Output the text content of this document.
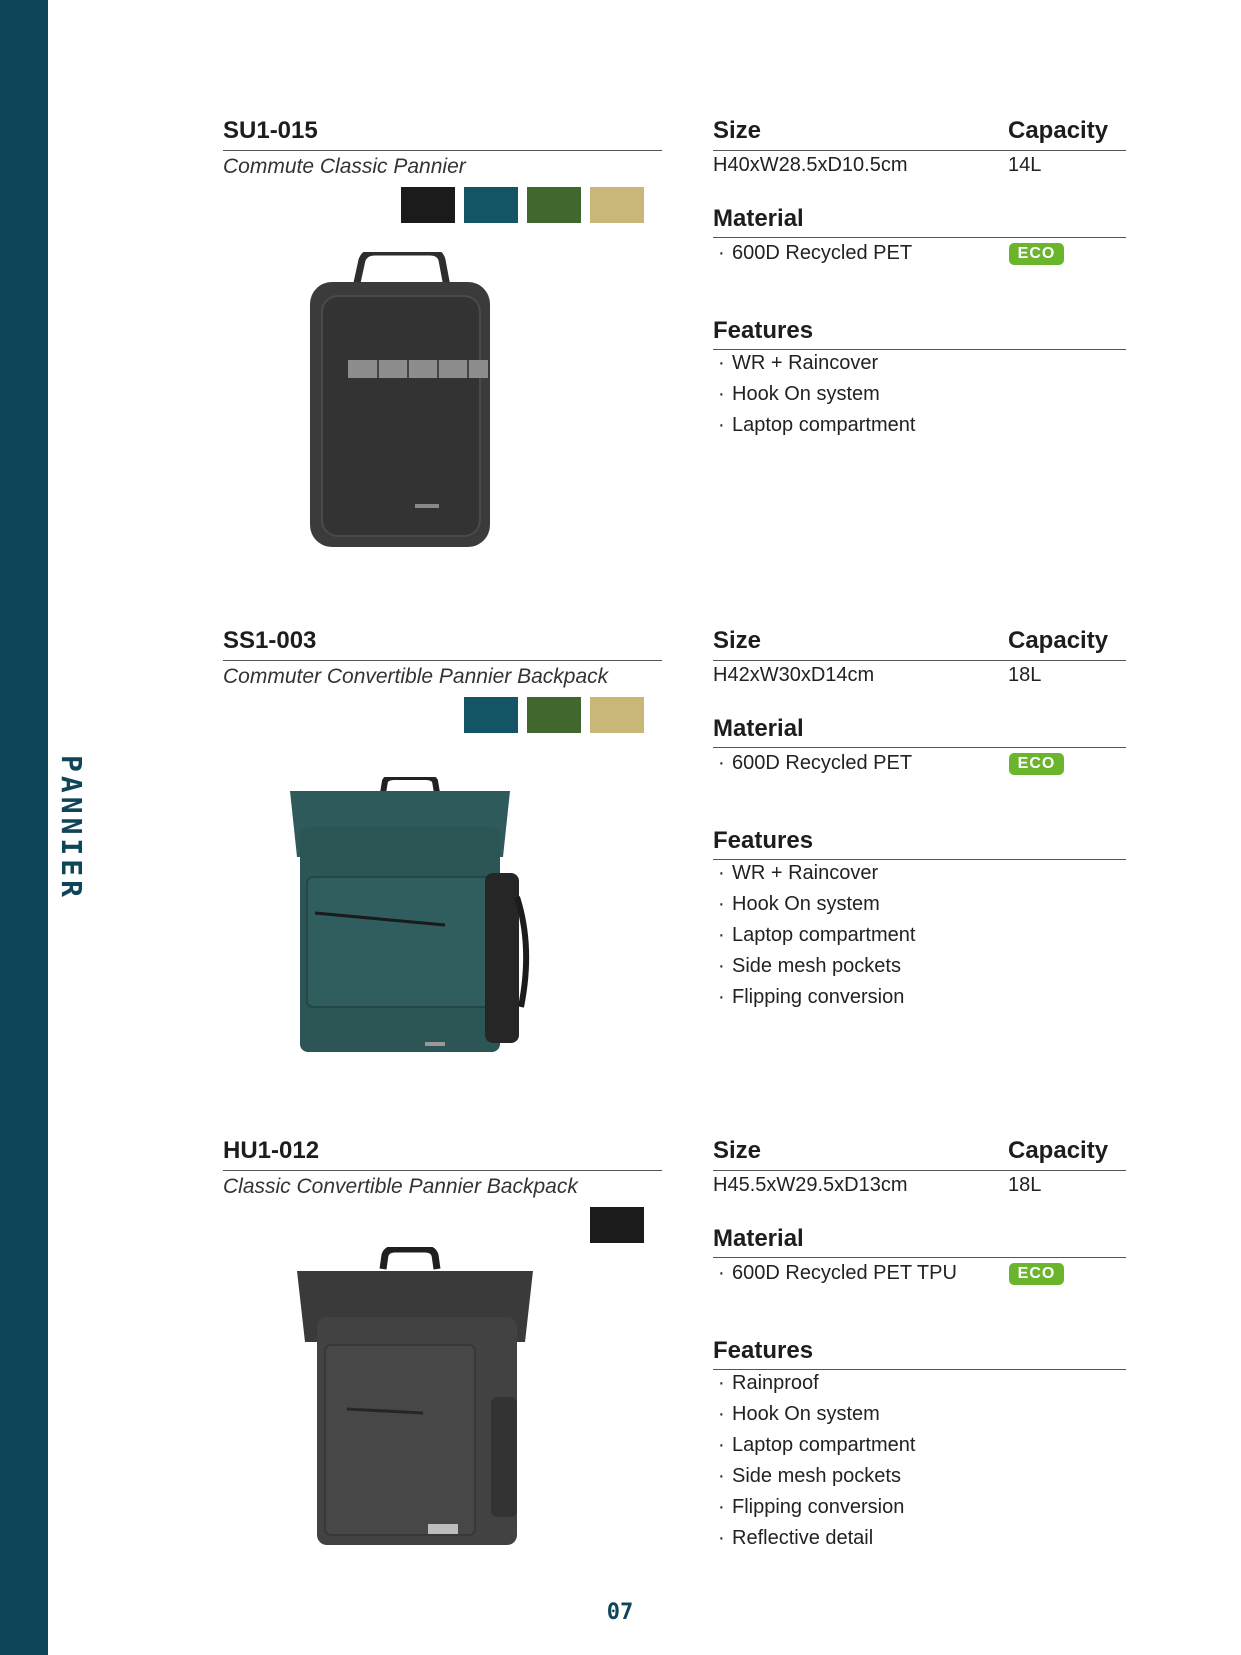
PANNIER
SU1-015
Commute Classic Pannier
Size	Capacity
H40xW28.5xD10.5cm	14L
Material
· 600D Recycled PET	ECO
Features
· WR + Raincover
· Hook On system
· Laptop compartment
SS1-003
Commuter Convertible Pannier Backpack
Size	Capacity
H42xW30xD14cm	18L
Material
· 600D Recycled PET	ECO
Features
· WR + Raincover
· Hook On system
· Laptop compartment
· Side mesh pockets
· Flipping conversion
HU1-012
Classic Convertible Pannier Backpack
Size	Capacity
H45.5xW29.5xD13cm	18L
Material
· 600D Recycled PET TPU	ECO
Features
· Rainproof
· Hook On system
· Laptop compartment
· Side mesh pockets
· Flipping conversion
· Reflective detail
07
